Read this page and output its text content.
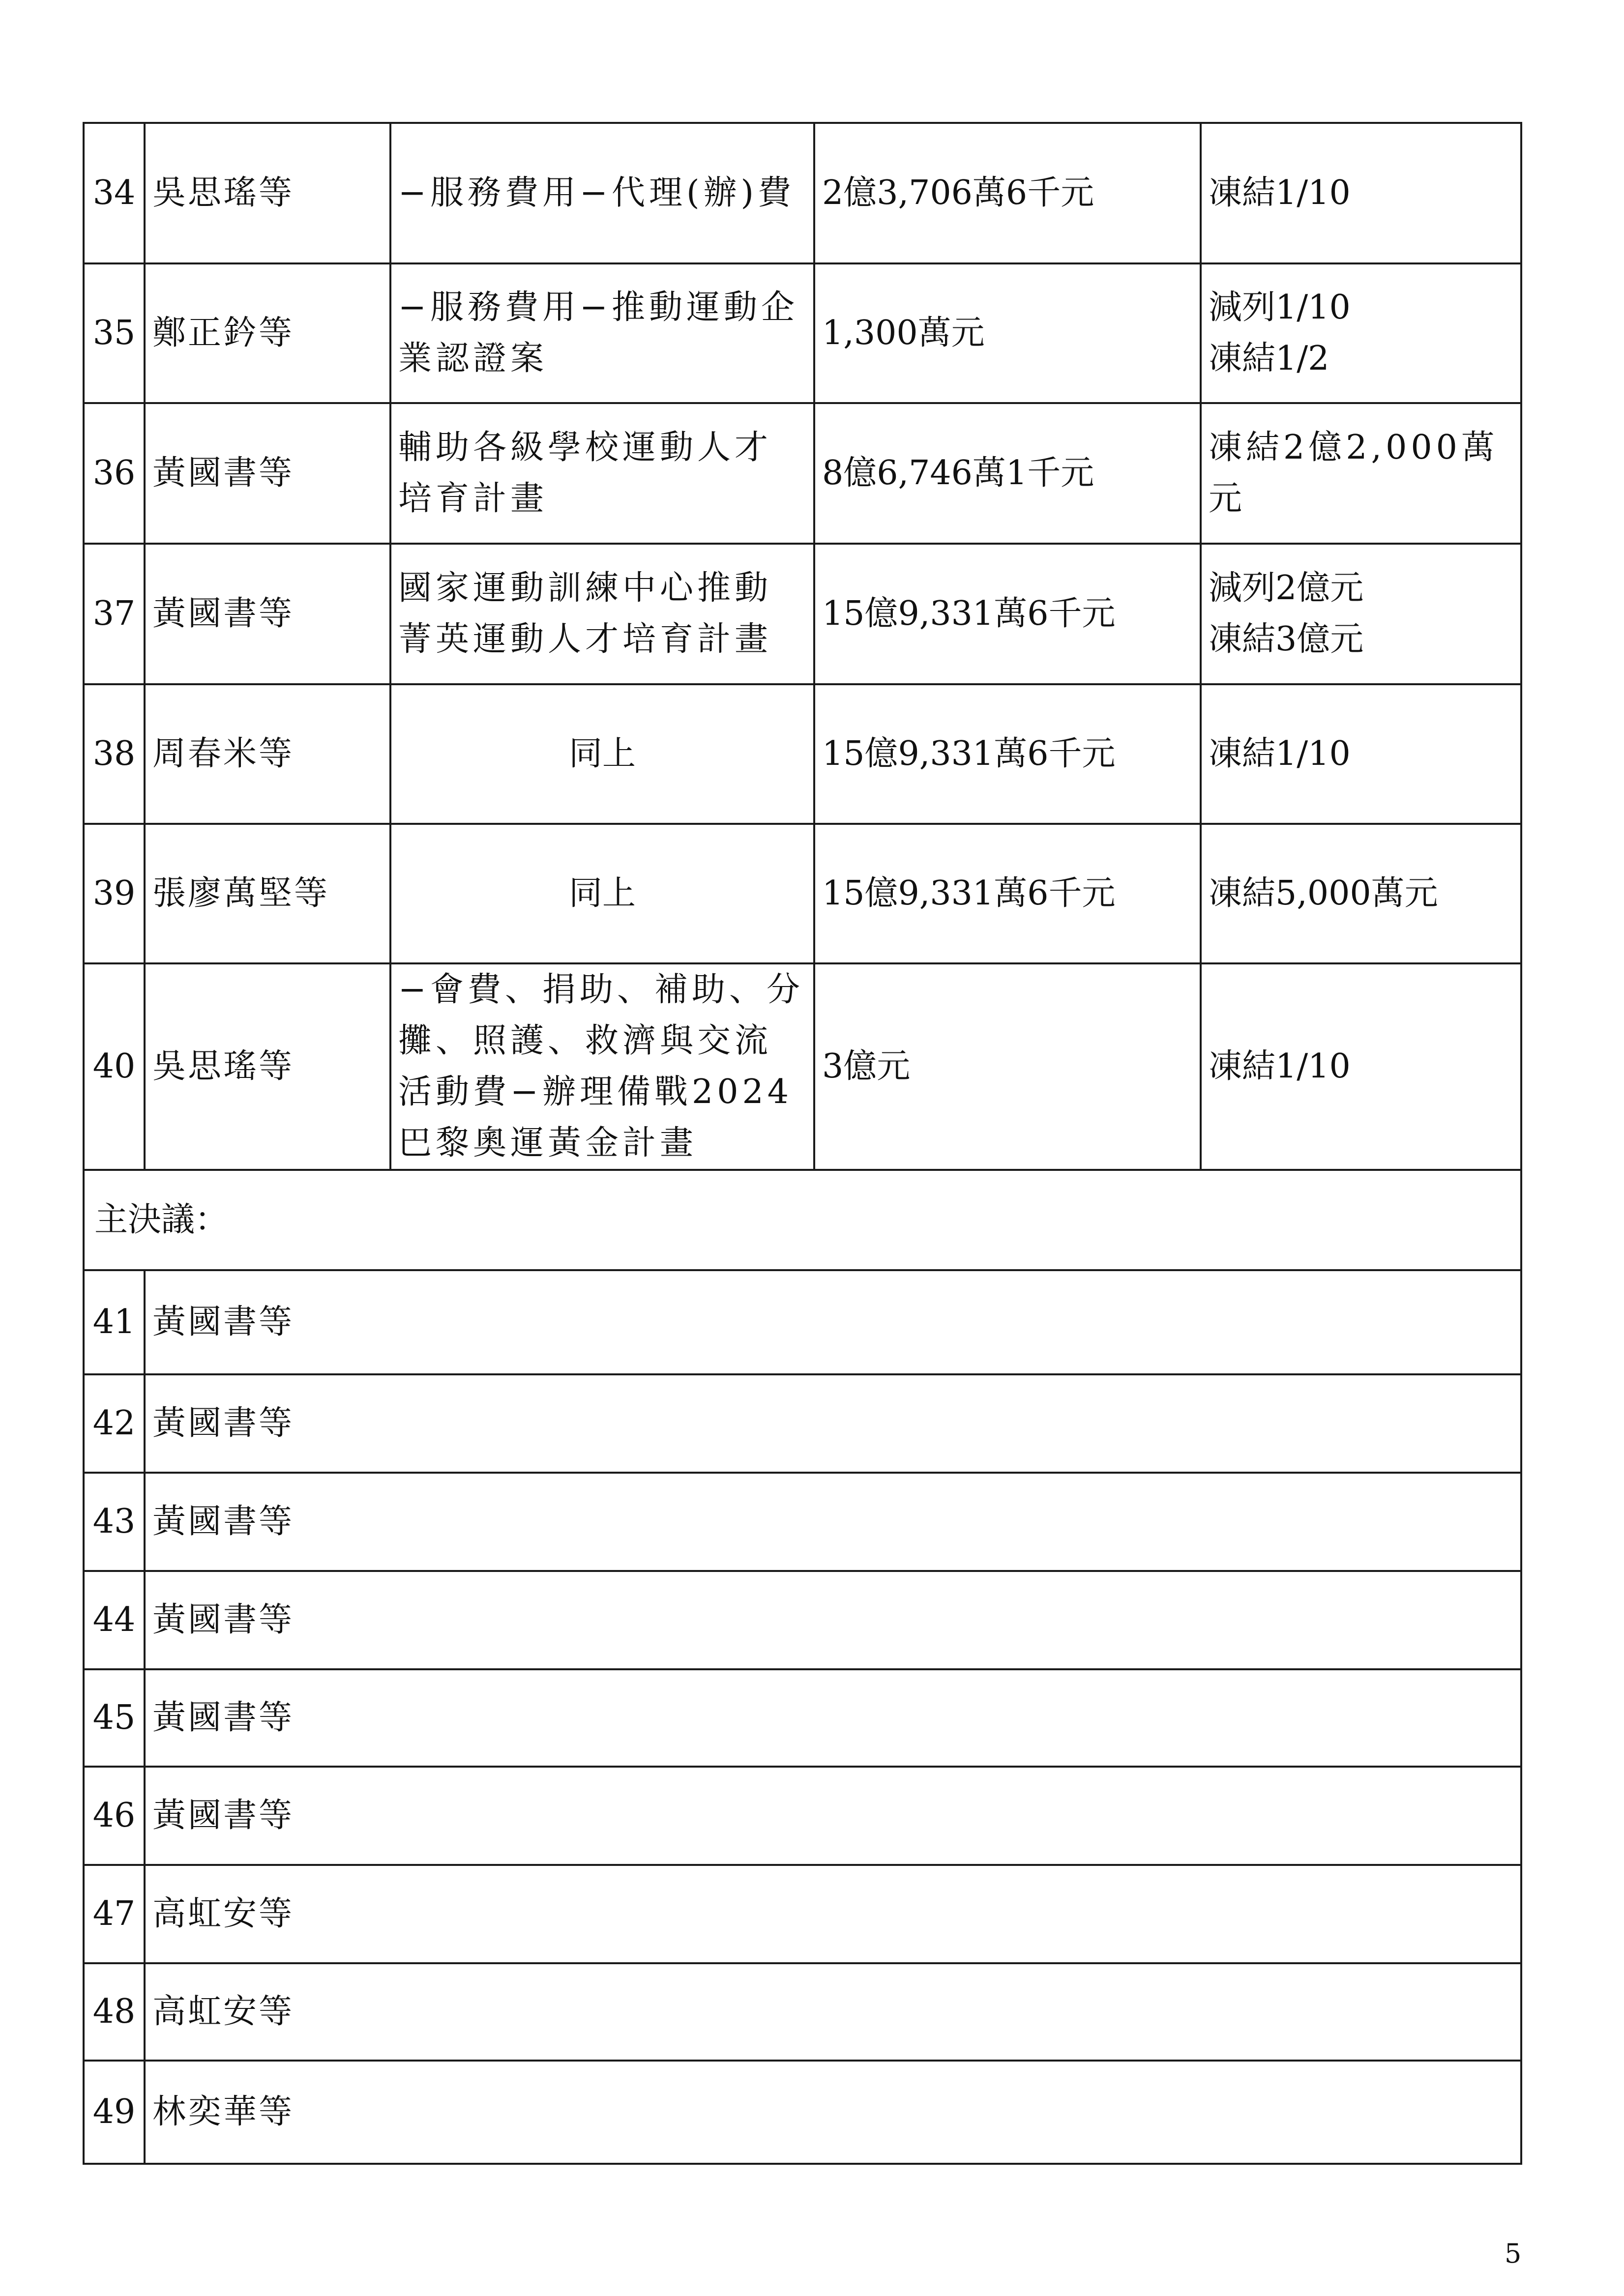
34	吳思瑤等	−服務費用−代理(辦)費	2億3,706萬6千元	凍結1/10

35	鄭正鈐等	−服務費用−推動運動企業認證案	1,300萬元	減列1/10
凍結1/2

36	黃國書等	輔助各級學校運動人才培育計畫	8億6,746萬1千元	凍結2億2,000萬元
37	黃國書等	國家運動訓練中心推動菁英運動人才培育計畫	15億9,331萬6千元	減列2億元
凍結3億元

38	周春米等	同上	15億9,331萬6千元	凍結1/10

39	張廖萬堅等	同上	15億9,331萬6千元	凍結5,000萬元

40	吳思瑤等	−會費、捐助、補助、分攤、照護、救濟與交流活動費−辦理備戰2024巴黎奧運黃金計畫	3億元	凍結1/10

主決議：				
41	黃國書等			
42	黃國書等			
43	黃國書等			
44	黃國書等			
45	黃國書等			
46	黃國書等			
47	高虹安等			
48	高虹安等			
49	林奕華等			
5
